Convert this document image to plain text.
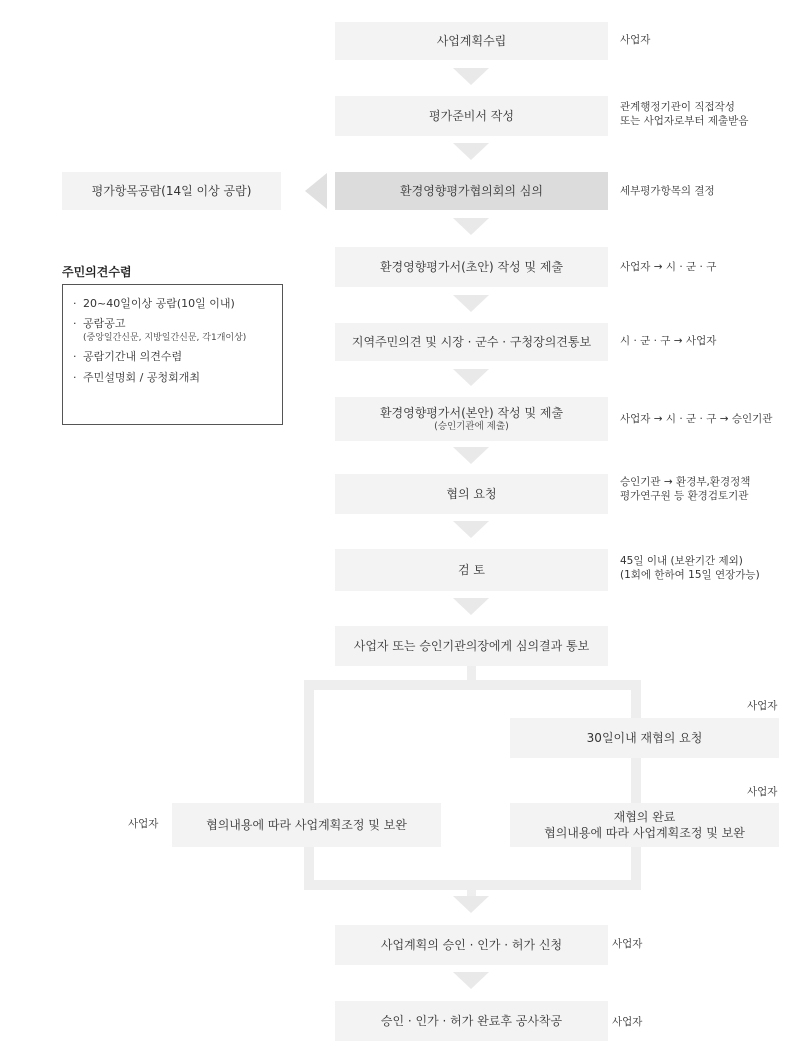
사업계획수립	사업자
평가준비서 작성
관계행정기관이 직접작성
또는 사업자로부터 제출받음
환경영향평가협의회의 심의	세부평가항목의 결정
평가항목공람(14일 이상 공람)
환경영향평가서(초안) 작성 및 제출	사업자 → 시 · 군 · 구
주민의견수렴
· 20~40일이상 공람(10일 이내)
· 공람공고
(중앙일간신문, 지방일간신문, 각1개이상)
· 공람기간내 의견수렴
· 주민설명회 / 공청회개최
지역주민의견 및 시장 · 군수 · 구청장의견통보	시 · 군 · 구 → 사업자
환경영향평가서(본안) 작성 및 제출
(승인기관에 제출)
사업자 → 시 · 군 · 구 → 승인기관
협의 요청
승인기관 → 환경부,환경정책
평가연구원 등 환경검토기관
검 토
45일 이내 (보완기간 제외)
(1회에 한하여 15일 연장가능)
사업자 또는 승인기관의장에게 심의결과 통보
사업자
30일이내 재협의 요청
사업자
재협의 완료
협의내용에 따라 사업계획조정 및 보완
사업자	협의내용에 따라 사업계획조정 및 보완
사업계획의 승인 · 인가 · 허가 신청	사업자
승인 · 인가 · 허가 완료후 공사착공	사업자
